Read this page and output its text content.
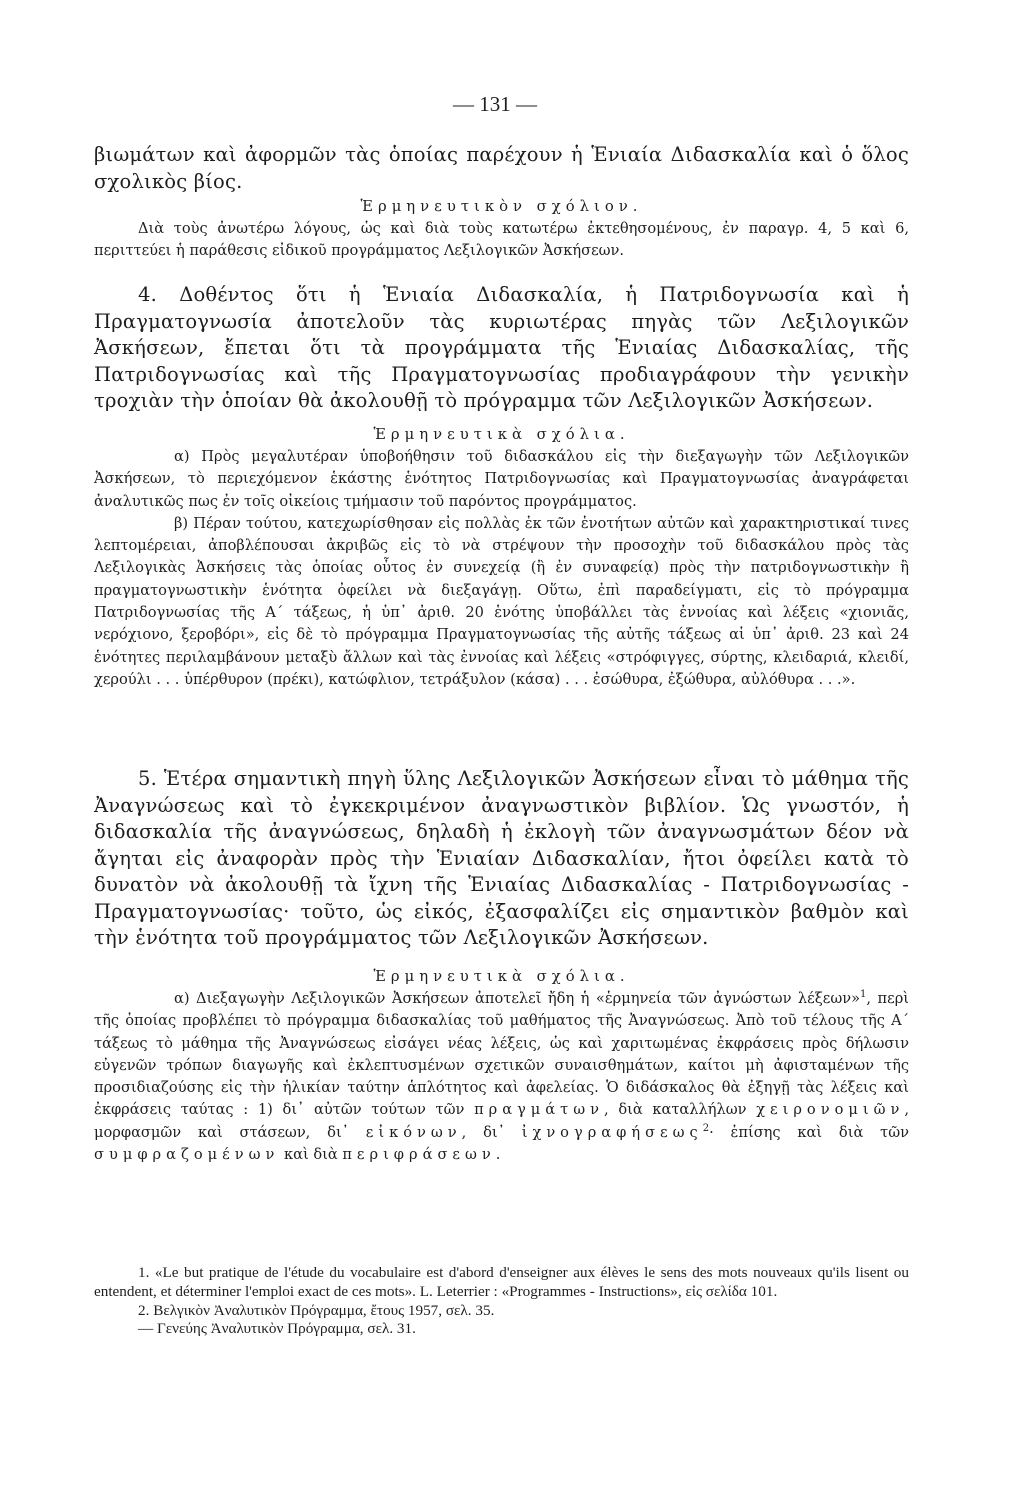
— 131 —

βιωμάτων καὶ ἀφορμῶν τὰς ὁποίας παρέχουν ἡ Ἑνιαία Διδασκαλία καὶ ὁ ὅλος σχολικὸς βίος.

Ἑρμηνευτικὸν σχόλιον.

Διὰ τοὺς ἀνωτέρω λόγους, ὡς καὶ διὰ τοὺς κατωτέρω ἐκτεθησομένους, ἐν παραγρ. 4, 5 καὶ 6, περιττεύει ἡ παράθεσις εἰδικοῦ προγράμματος Λεξιλογικῶν Ἀσκήσεων.

4. Δοθέντος ὅτι ἡ Ἑνιαία Διδασκαλία, ἡ Πατριδογνωσία καὶ ἡ Πραγματογνωσία ἀποτελοῦν τὰς κυριωτέρας πηγὰς τῶν Λεξιλογικῶν Ἀσκήσεων, ἔπεται ὅτι τὰ προγράμματα τῆς Ἑνιαίας Διδασκαλίας, τῆς Πατριδογνωσίας καὶ τῆς Πραγματογνωσίας προδιαγράφουν τὴν γενικὴν τροχιὰν τὴν ὁποίαν θὰ ἀκολουθῇ τὸ πρόγραμμα τῶν Λεξιλογικῶν Ἀσκήσεων.

Ἑρμηνευτικὰ σχόλια.

α) Πρὸς μεγαλυτέραν ὑποβοήθησιν τοῦ διδασκάλου εἰς τὴν διεξαγωγὴν τῶν Λεξιλογικῶν Ἀσκήσεων, τὸ περιεχόμενον ἑκάστης ἑνότητος Πατριδογνωσίας καὶ Πραγματογνωσίας ἀναγράφεται ἀναλυτικῶς πως ἐν τοῖς οἰκείοις τμήμασιν τοῦ παρόντος προγράμματος.

β) Πέραν τούτου, κατεχωρίσθησαν εἰς πολλὰς ἐκ τῶν ἑνοτήτων αὐτῶν καὶ χαρακτηριστικαί τινες λεπτομέρειαι, ἀποβλέπουσαι ἀκριβῶς εἰς τὸ νὰ στρέψουν τὴν προσοχὴν τοῦ διδασκάλου πρὸς τὰς Λεξιλογικὰς Ἀσκήσεις τὰς ὁποίας οὗτος ἐν συνεχείᾳ (ἢ ἐν συναφείᾳ) πρὸς τὴν πατριδογνωστικὴν ἢ πραγματογνωστικὴν ἑνότητα ὀφείλει νὰ διεξαγάγῃ. Οὕτω, ἐπὶ παραδείγματι, εἰς τὸ πρόγραμμα Πατριδογνωσίας τῆς Α΄ τάξεως, ἡ ὑπ᾿ ἀριθ. 20 ἑνότης ὑποβάλλει τὰς ἐννοίας καὶ λέξεις «χιονιᾶς, νερόχιονο, ξεροβόρι», εἰς δὲ τὸ πρόγραμμα Πραγματογνωσίας τῆς αὐτῆς τάξεως αἱ ὑπ᾿ ἀριθ. 23 καὶ 24 ἑνότητες περιλαμβάνουν μεταξὺ ἄλλων καὶ τὰς ἐννοίας καὶ λέξεις «στρόφιγγες, σύρτης, κλειδαριά, κλειδί, χερούλι . . . ὑπέρθυρον (πρέκι), κατώφλιον, τετράξυλον (κάσα) . . . ἐσώθυρα, ἐξώθυρα, αὐλόθυρα . . .».

5. Ἑτέρα σημαντικὴ πηγὴ ὕλης Λεξιλογικῶν Ἀσκήσεων εἶναι τὸ μάθημα τῆς Ἀναγνώσεως καὶ τὸ ἐγκεκριμένον ἀναγνωστικὸν βιβλίον. Ὡς γνωστόν, ἡ διδασκαλία τῆς ἀναγνώσεως, δηλαδὴ ἡ ἐκλογὴ τῶν ἀναγνωσμάτων δέον νὰ ἄγηται εἰς ἀναφορὰν πρὸς τὴν Ἑνιαίαν Διδασκαλίαν, ἤτοι ὀφείλει κατὰ τὸ δυνατὸν νὰ ἀκολουθῇ τὰ ἴχνη τῆς Ἑνιαίας Διδασκαλίας - Πατριδογνωσίας - Πραγματογνωσίας· τοῦτο, ὡς εἰκός, ἐξασφαλίζει εἰς σημαντικὸν βαθμὸν καὶ τὴν ἑνότητα τοῦ προγράμματος τῶν Λεξιλογικῶν Ἀσκήσεων.

Ἑρμηνευτικὰ σχόλια.

α) Διεξαγωγὴν Λεξιλογικῶν Ἀσκήσεων ἀποτελεῖ ἤδη ἡ «ἑρμηνεία τῶν ἀγνώστων λέξεων»$^1$, περὶ τῆς ὁποίας προβλέπει τὸ πρόγραμμα διδασκαλίας τοῦ μαθήματος τῆς Ἀναγνώσεως. Ἀπὸ τοῦ τέλους τῆς Α΄ τάξεως τὸ μάθημα τῆς Ἀναγνώσεως εἰσάγει νέας λέξεις, ὡς καὶ χαριτωμένας ἐκφράσεις πρὸς δήλωσιν εὐγενῶν τρόπων διαγωγῆς καὶ ἐκλεπτυσμένων σχετικῶν συναισθημάτων, καίτοι μὴ ἀφισταμένων τῆς προσιδιαζούσης εἰς τὴν ἡλικίαν ταύτην ἁπλότητος καὶ ἀφελείας. Ὁ διδάσκαλος θὰ ἐξηγῇ τὰς λέξεις καὶ ἐκφράσεις ταύτας : 1) δι᾿ αὐτῶν τούτων τῶν πραγμάτων, διὰ καταλλήλων χειρονομιῶν, μορφασμῶν καὶ στάσεων, δι᾿ εἰκόνων, δι᾿ ἰχνογραφήσεως$^2$· ἐπίσης καὶ διὰ τῶν συμφραζομένων καὶ διὰ περιφράσεων.

1. «Le but pratique de l'étude du vocabulaire est d'abord d'enseigner aux élèves le sens des mots nouveaux qu'ils lisent ou entendent, et déterminer l'emploi exact de ces mots». L. Leterrier : «Programmes - Instructions», εἰς σελίδα 101.

2. Βελγικὸν Ἀναλυτικὸν Πρόγραμμα, ἔτους 1957, σελ. 35.

— Γενεύης Ἀναλυτικὸν Πρόγραμμα, σελ. 31.
